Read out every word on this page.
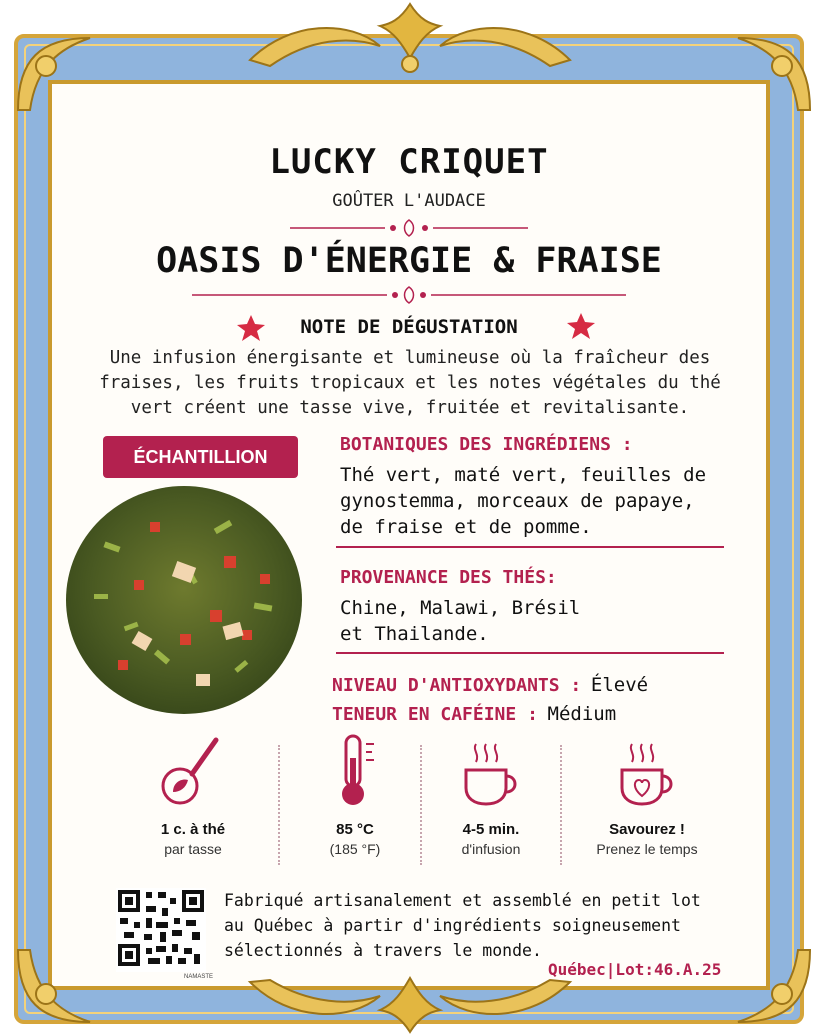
LUCKY CRIQUET
GOÛTER L'AUDACE
OASIS D'ÉNERGIE & FRAISE
NOTE DE DÉGUSTATION
Une infusion énergisante et lumineuse où la fraîcheur des
fraises, les fruits tropicaux et les notes végétales du thé
vert créent une tasse vive, fruitée et revitalisante.
ÉCHANTILLION
BOTANIQUES DES INGRÉDIENS :
Thé vert, maté vert, feuilles de
gynostemma, morceaux de papaye,
de fraise et de pomme.
PROVENANCE DES THÉS:
Chine, Malawi, Brésil
et Thailande.
NIVEAU D'ANTIOXYDANTS : Élevé
TENEUR EN CAFÉINE : Médium
1 c. à thé
par tasse
85 °C
(185 °F)
4-5 min.
d'infusion
Savourez !
Prenez le temps
NAMASTE
Fabriqué artisanalement et assemblé en petit lot
au Québec à partir d'ingrédients soigneusement
sélectionnés à travers le monde.
Québec|Lot:46.A.25
